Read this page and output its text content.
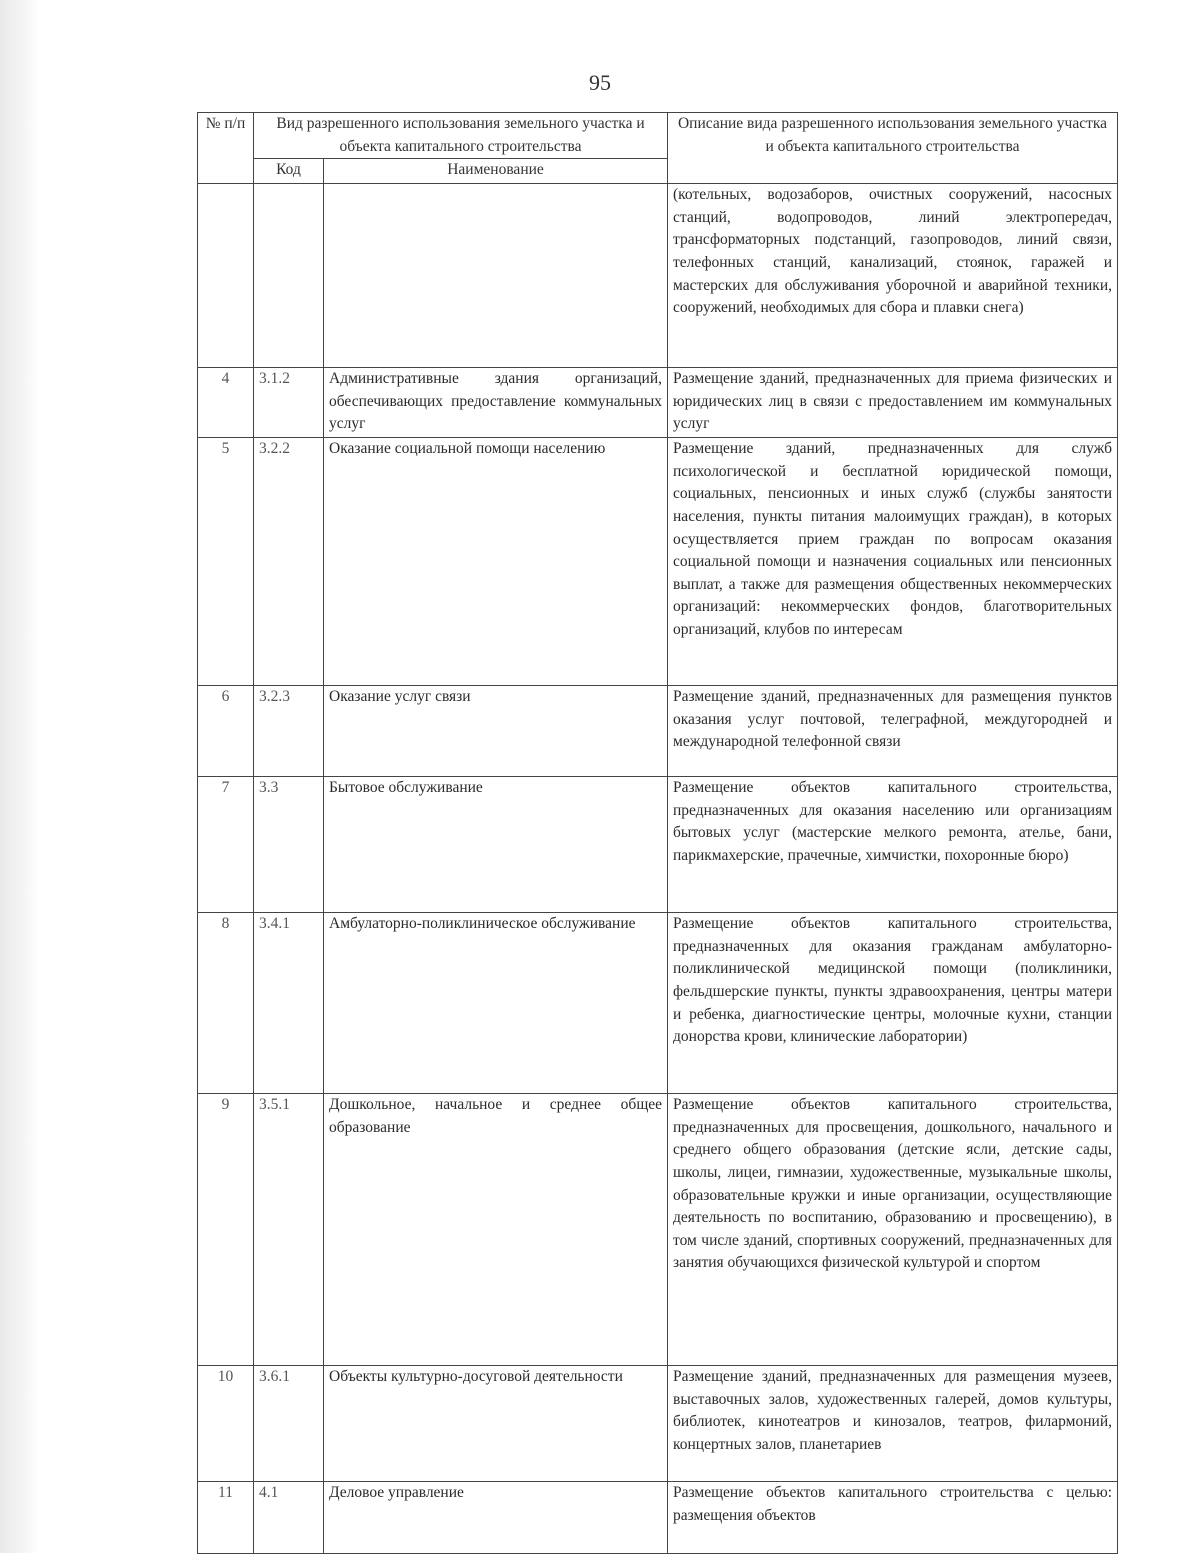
95
№ п/п	Вид разрешенного использования земельного участка и объекта капитального строительства		Описание вида разрешенного использования земельного участка и объекта капитального строительства
	Код	Наименование	
			(котельных, водозаборов, очистных сооружений, насосных станций, водопроводов, линий электропередач, трансформаторных подстанций, газопроводов, линий связи, телефонных станций, канализаций, стоянок, гаражей и мастерских для обслуживания уборочной и аварийной техники, сооружений, необходимых для сбора и плавки снега)
4	3.1.2	Административные здания организаций, обеспечивающих предоставление коммунальных услуг	Размещение зданий, предназначенных для приема физических и юридических лиц в связи с предоставлением им коммунальных услуг
5	3.2.2	Оказание социальной помощи населению	Размещение зданий, предназначенных для служб психологической и бесплатной юридической помощи, социальных, пенсионных и иных служб (службы занятости населения, пункты питания малоимущих граждан), в которых осуществляется прием граждан по вопросам оказания социальной помощи и назначения социальных или пенсионных выплат, а также для размещения общественных некоммерческих организаций: некоммерческих фондов, благотворительных организаций, клубов по интересам
6	3.2.3	Оказание услуг связи	Размещение зданий, предназначенных для размещения пунктов оказания услуг почтовой, телеграфной, междугородней и международной телефонной связи
7	3.3	Бытовое обслуживание	Размещение объектов капитального строительства, предназначенных для оказания населению или организациям бытовых услуг (мастерские мелкого ремонта, ателье, бани, парикмахерские, прачечные, химчистки, похоронные бюро)
8	3.4.1	Амбулаторно-поликлиническое обслуживание	Размещение объектов капитального строительства, предназначенных для оказания гражданам амбулаторно-поликлинической медицинской помощи (поликлиники, фельдшерские пункты, пункты здравоохранения, центры матери и ребенка, диагностические центры, молочные кухни, станции донорства крови, клинические лаборатории)
9	3.5.1	Дошкольное, начальное и среднее общее образование	Размещение объектов капитального строительства, предназначенных для просвещения, дошкольного, начального и среднего общего образования (детские ясли, детские сады, школы, лицеи, гимназии, художественные, музыкальные школы, образовательные кружки и иные организации, осуществляющие деятельность по воспитанию, образованию и просвещению), в том числе зданий, спортивных сооружений, предназначенных для занятия обучающихся физической культурой и спортом
10	3.6.1	Объекты культурно-досуговой деятельности	Размещение зданий, предназначенных для размещения музеев, выставочных залов, художественных галерей, домов культуры, библиотек, кинотеатров и кинозалов, театров, филармоний, концертных залов, планетариев
11	4.1	Деловое управление	Размещение объектов капитального строительства с целью: размещения объектов
